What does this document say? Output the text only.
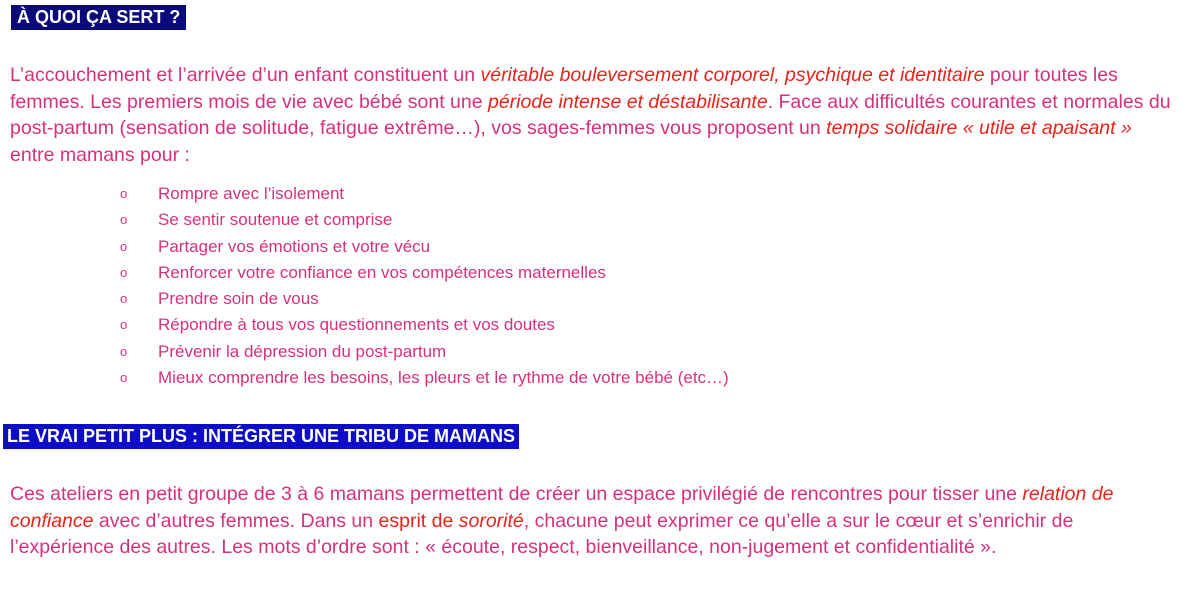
À QUOI ÇA SERT ?

L’accouchement et l’arrivée d’un enfant constituent un véritable bouleversement corporel, psychique et identitaire pour toutes les femmes. Les premiers mois de vie avec bébé sont une période intense et déstabilisante. Face aux difficultés courantes et normales du post-partum (sensation de solitude, fatigue extrême…), vos sages-femmes vous proposent un temps solidaire « utile et apaisant » entre mamans pour :

o Rompre avec l’isolement
o Se sentir soutenue et comprise
o Partager vos émotions et votre vécu
o Renforcer votre confiance en vos compétences maternelles
o Prendre soin de vous
o Répondre à tous vos questionnements et vos doutes
o Prévenir la dépression du post-partum
o Mieux comprendre les besoins, les pleurs et le rythme de votre bébé (etc…)
LE VRAI PETIT PLUS : INTÉGRER UNE TRIBU DE MAMANS

Ces ateliers en petit groupe de 3 à 6 mamans permettent de créer un espace privilégié de rencontres pour tisser une relation de confiance avec d’autres femmes. Dans un esprit de sororité, chacune peut exprimer ce qu’elle a sur le cœur et s’enrichir de l’expérience des autres. Les mots d’ordre sont : « écoute, respect, bienveillance, non-jugement et confidentialité ».
